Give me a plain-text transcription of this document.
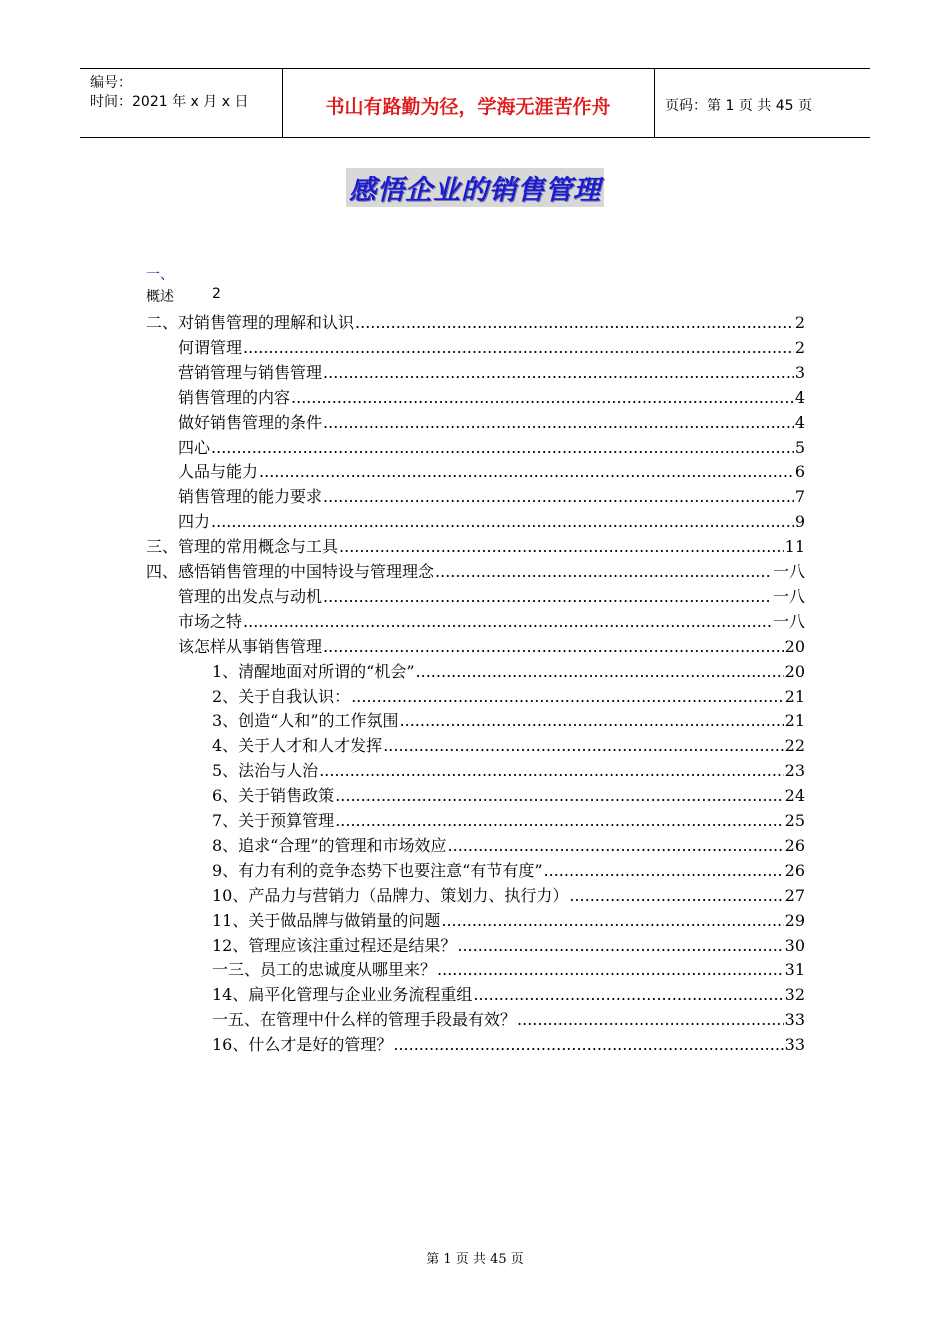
编号：
时间：2021 年 x 月 x 日	书山有路勤为径，学海无涯苦作舟	页码：第 1 页 共 45 页
感悟企业的销售管理
一、
概述	2
二、对销售管理的理解和认识 .....	2
何谓管理 .....	2
营销管理与销售管理 .....	3
销售管理的内容 .....	4
做好销售管理的条件 .....	4
四心 .....	5
人品与能力 .....	6
销售管理的能力要求 .....	7
四力 .....	9
三、管理的常用概念与工具 .....	11
四、感悟销售管理的中国特设与管理理念 .....	一八
管理的出发点与动机 .....	一八
市场之特 .....	一八
该怎样从事销售管理 .....	20
1、清醒地面对所谓的“机会” .....	20
2、关于自我认识： .....	21
3、创造“人和”的工作氛围 .....	21
4、关于人才和人才发挥 .....	22
5、法治与人治 .....	23
6、关于销售政策 .....	24
7、关于预算管理 .....	25
8、追求“合理”的管理和市场效应 .....	26
9、有力有利的竞争态势下也要注意“有节有度” .....	26
10、产品力与营销力（品牌力、策划力、执行力） .....	27
11、关于做品牌与做销量的问题 .....	29
12、管理应该注重过程还是结果？ .....	30
一三、员工的忠诚度从哪里来？ .....	31
14、扁平化管理与企业业务流程重组 .....	32
一五、在管理中什么样的管理手段最有效？ .....	33
16、什么才是好的管理？ .....	33
第 1 页 共 45 页
